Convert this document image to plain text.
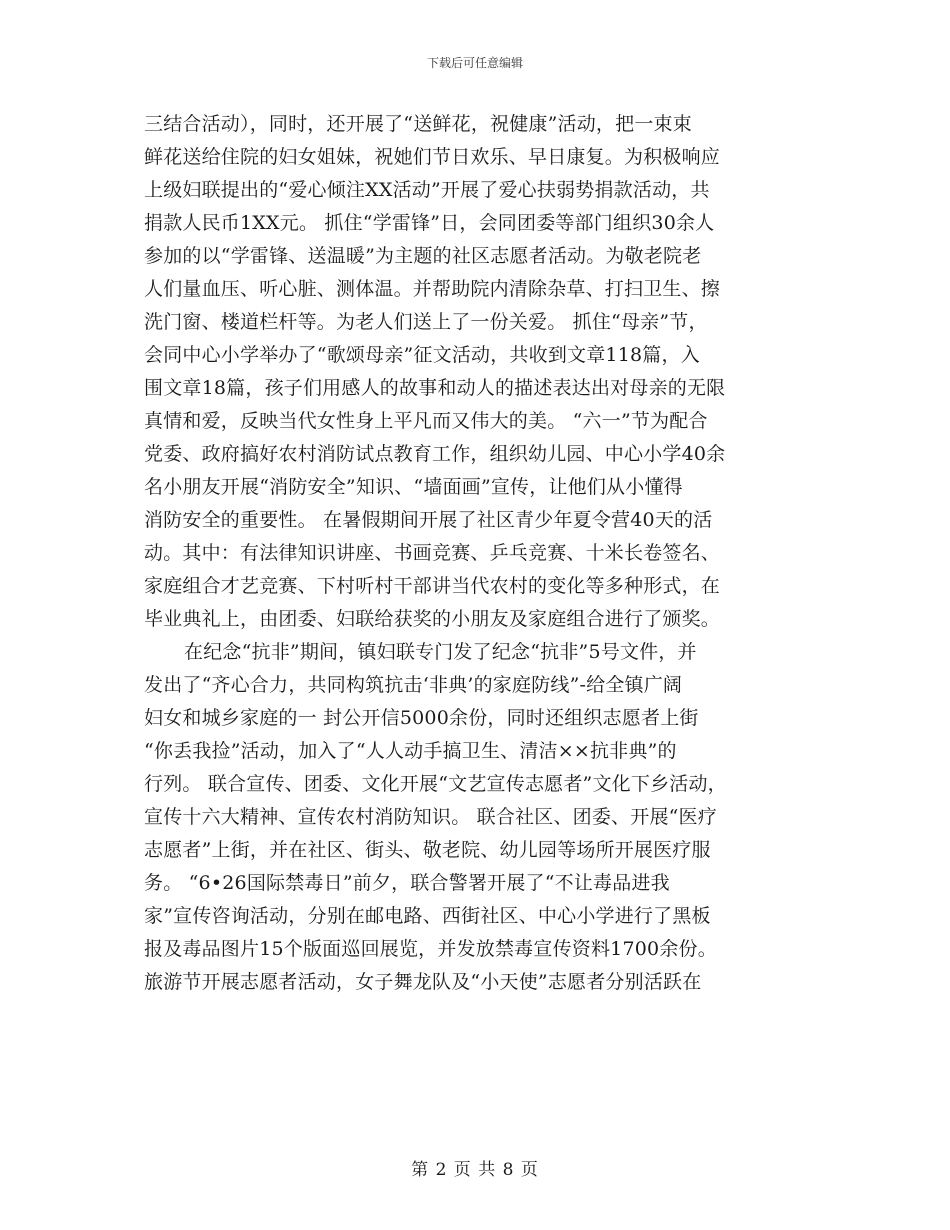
下载后可任意编辑
三结合活动），同时，还开展了“送鲜花，祝健康”活动，把一束束
鲜花送给住院的妇女姐妹，祝她们节日欢乐、早日康复。为积极响应
上级妇联提出的“爱心倾注XX活动”开展了爱心扶弱势捐款活动，共
捐款人民币1XX元。 抓住“学雷锋”日，会同团委等部门组织30余人
参加的以“学雷锋、送温暖”为主题的社区志愿者活动。为敬老院老
人们量血压、听心脏、测体温。并帮助院内清除杂草、打扫卫生、擦
洗门窗、楼道栏杆等。为老人们送上了一份关爱。 抓住“母亲”节，
会同中心小学举办了“歌颂母亲”征文活动，共收到文章118篇，入
围文章18篇，孩子们用感人的故事和动人的描述表达出对母亲的无限
真情和爱，反映当代女性身上平凡而又伟大的美。 “六一”节为配合
党委、政府搞好农村消防试点教育工作，组织幼儿园、中心小学40余
名小朋友开展“消防安全”知识、“墙面画”宣传，让他们从小懂得
消防安全的重要性。 在暑假期间开展了社区青少年夏令营40天的活
动。其中：有法律知识讲座、书画竞赛、乒乓竞赛、十米长卷签名、
家庭组合才艺竞赛、下村听村干部讲当代农村的变化等多种形式，在
毕业典礼上，由团委、妇联给获奖的小朋友及家庭组合进行了颁奖。
在纪念“抗非”期间，镇妇联专门发了纪念“抗非”5号文件，并
发出了“齐心合力，共同构筑抗击‘非典’的家庭防线”-给全镇广阔
妇女和城乡家庭的一 封公开信5000余份，同时还组织志愿者上街
“你丢我捡”活动，加入了“人人动手搞卫生、清洁××抗非典”的
行列。 联合宣传、团委、文化开展“文艺宣传志愿者”文化下乡活动，
宣传十六大精神、宣传农村消防知识。 联合社区、团委、开展“医疗
志愿者”上街，并在社区、街头、敬老院、幼儿园等场所开展医疗服
务。 “6•26国际禁毒日”前夕，联合警署开展了“不让毒品进我
家”宣传咨询活动，分别在邮电路、西街社区、中心小学进行了黑板
报及毒品图片15个版面巡回展览，并发放禁毒宣传资料1700余份。
旅游节开展志愿者活动，女子舞龙队及“小天使”志愿者分别活跃在
第 2 页 共 8 页
